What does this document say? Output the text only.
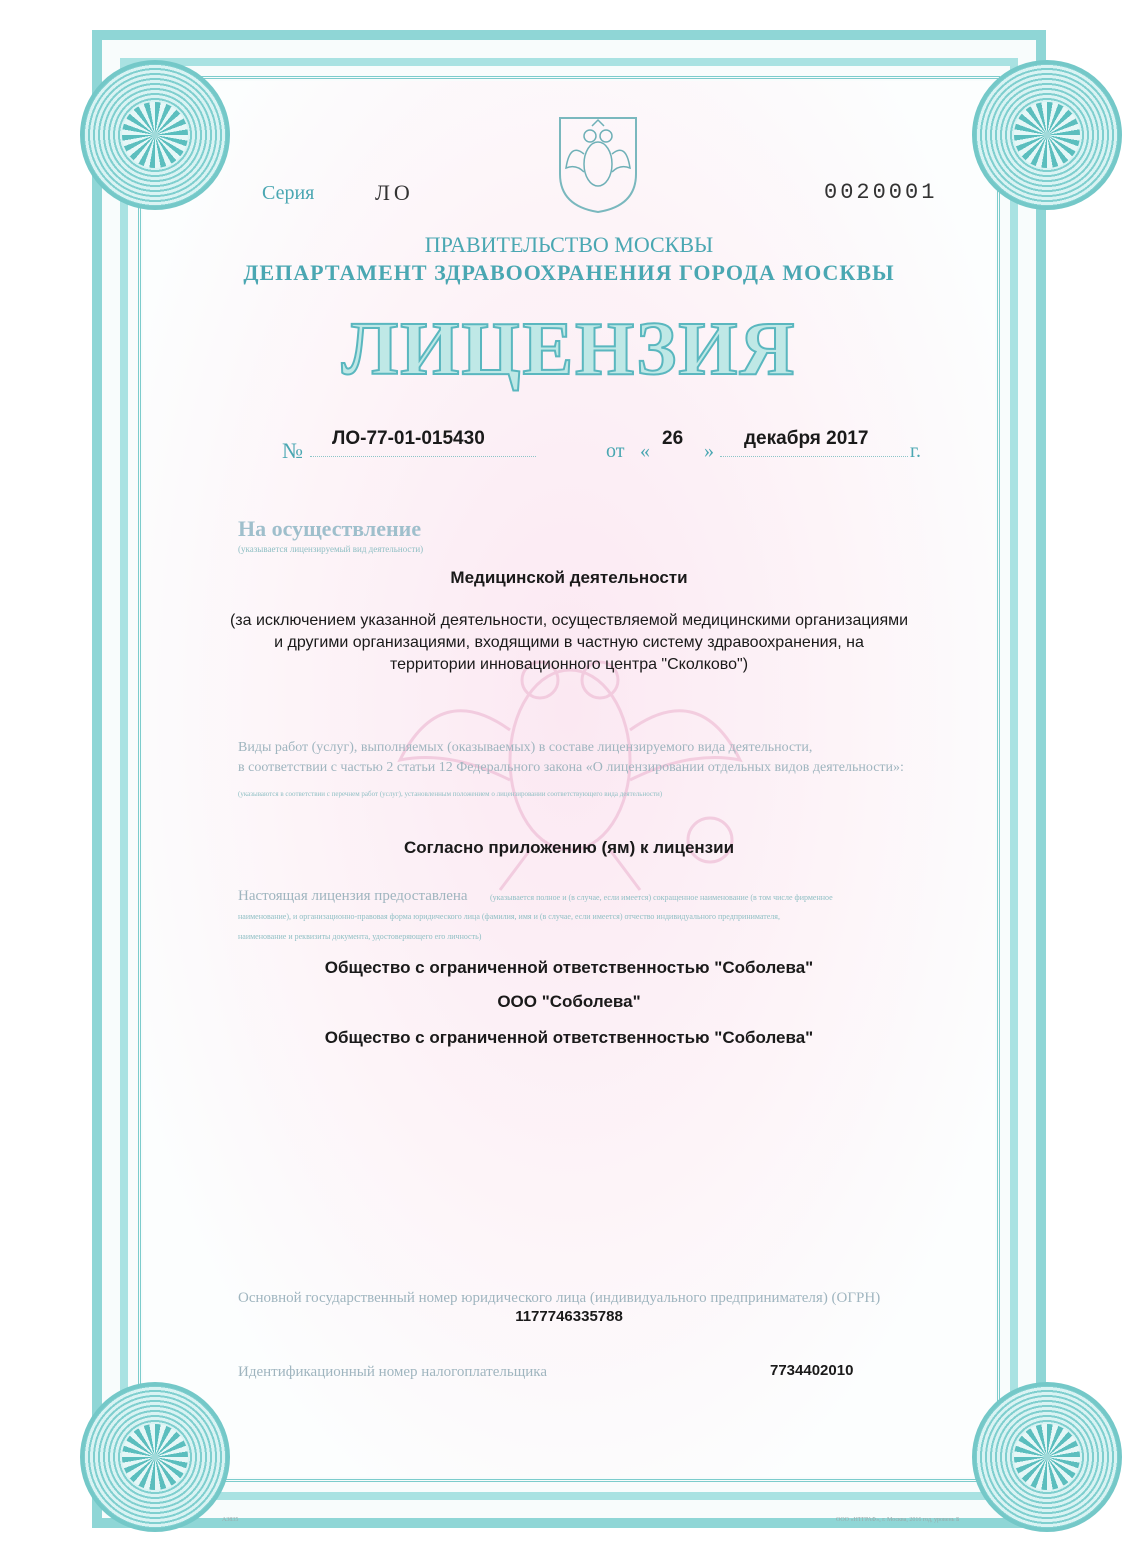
Серия	ЛО	0020001
ПРАВИТЕЛЬСТВО МОСКВЫ
ДЕПАРТАМЕНТ ЗДРАВООХРАНЕНИЯ ГОРОДА МОСКВЫ
ЛИЦЕНЗИЯ
№ ЛО-77-01-015430
от «
26
»
декабря 2017
г.
На осуществление
(указывается лицензируемый вид деятельности)
Медицинской деятельности
(за исключением указанной деятельности, осуществляемой медицинскими организациями
и другими организациями, входящими в частную систему здравоохранения, на
территории инновационного центра "Сколково")
Виды работ (услуг), выполняемых (оказываемых) в составе лицензируемого вида деятельности,
в соответствии с частью 2 статьи 12 Федерального закона «О лицензировании отдельных видов деятельности»:
(указываются в соответствии с перечнем работ (услуг), установленным положением о лицензировании соответствующего вида деятельности)
Согласно приложению (ям) к лицензии
Настоящая лицензия предоставлена	(указывается полное и (в случае, если имеется) сокращенное наименование (в том числе фирменное
наименование), и организационно-правовая форма юридического лица (фамилия, имя и (в случае, если имеется) отчество индивидуального предпринимателя,
наименование и реквизиты документа, удостоверяющего его личность)
Общество с ограниченной ответственностью "Соболева"
ООО "Соболева"
Общество с ограниченной ответственностью "Соболева"
Основной государственный номер юридического лица (индивидуального предпринимателя) (ОГРН)
1177746335788
Идентификационный номер налогоплательщика	7734402010
А3835	ООО «НТГРАФ», г. Москва, 2016 год, уровень Б
